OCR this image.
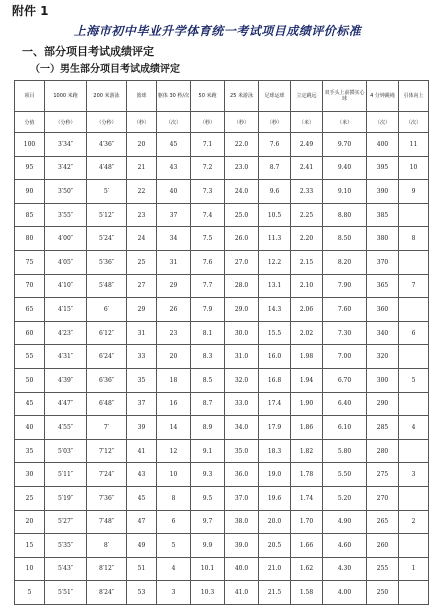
附件 1
上海市初中毕业升学体育统一考试项目成绩评价标准
一、部分项目考试成绩评定
（一）男生部分项目考试成绩评定
项目	1000 米跑	200 米游泳	篮球	躯体 30 秒/次	50 米跑	25 米游泳	足球运球	立定跳远	双手头上前掷实心球	4 分钟跳绳	引体向上
分值	（分秒）	（分秒）	（秒）	（次）	（秒）	（秒）	（秒）	（米）	（米）	（次）	（次）
100	3′34″	4′36″	20	45	7.1	22.0	7.6	2.49	9.70	400	11
95	3′42″	4′48″	21	43	7.2	23.0	8.7	2.41	9.40	395	10
90	3′50″	5′	22	40	7.3	24.0	9.6	2.33	9.10	390	9
85	3′55″	5′12″	23	37	7.4	25.0	10.5	2.25	8.80	385	
80	4′00″	5′24″	24	34	7.5	26.0	11.3	2.20	8.50	380	8
75	4′05″	5′36″	25	31	7.6	27.0	12.2	2.15	8.20	370	
70	4′10″	5′48″	27	29	7.7	28.0	13.1	2.10	7.90	365	7
65	4′15″	6′	29	26	7.9	29.0	14.3	2.06	7.60	360	
60	4′23″	6′12″	31	23	8.1	30.0	15.5	2.02	7.30	340	6
55	4′31″	6′24″	33	20	8.3	31.0	16.0	1.98	7.00	320	
50	4′39″	6′36″	35	18	8.5	32.0	16.8	1.94	6.70	300	5
45	4′47″	6′48″	37	16	8.7	33.0	17.4	1.90	6.40	290	
40	4′55″	7′	39	14	8.9	34.0	17.9	1.86	6.10	285	4
35	5′03″	7′12″	41	12	9.1	35.0	18.3	1.82	5.80	280	
30	5′11″	7′24″	43	10	9.3	36.0	19.0	1.78	5.50	275	3
25	5′19″	7′36″	45	8	9.5	37.0	19.6	1.74	5.20	270	
20	5′27″	7′48″	47	6	9.7	38.0	20.0	1.70	4.90	265	2
15	5′35″	8′	49	5	9.9	39.0	20.5	1.66	4.60	260	
10	5′43″	8′12″	51	4	10.1	40.0	21.0	1.62	4.30	255	1
5	5′51″	8′24″	53	3	10.3	41.0	21.5	1.58	4.00	250	
